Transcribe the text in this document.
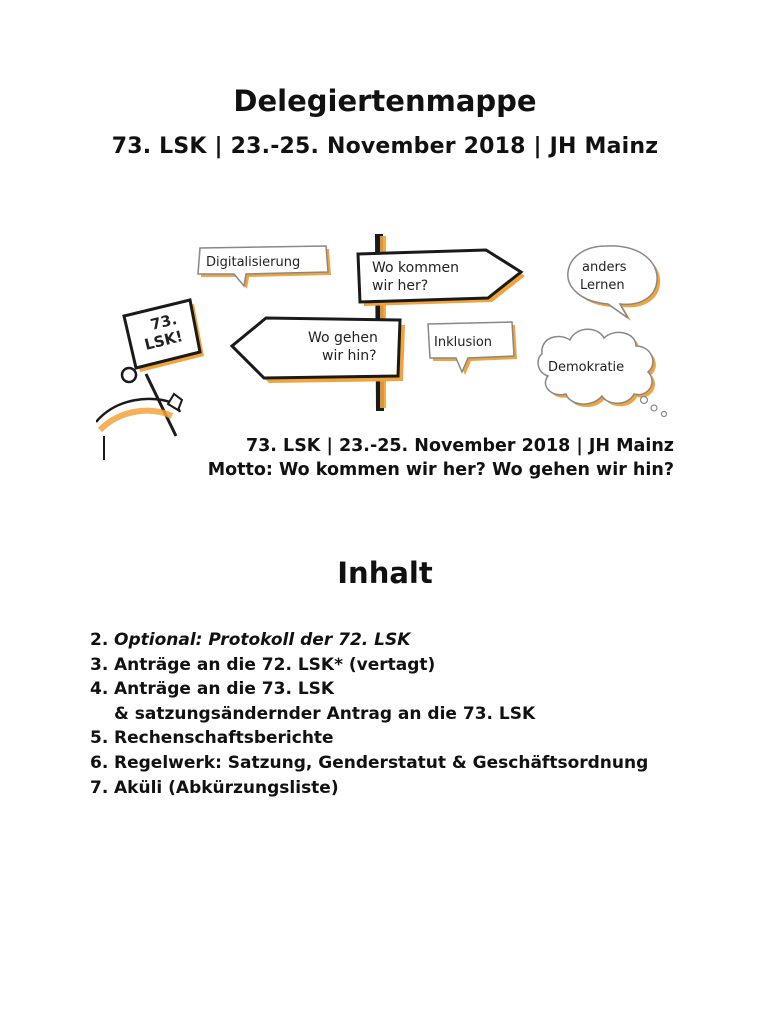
Delegiertenmappe
73. LSK | 23.-25. November 2018 | JH Mainz
Wo kommen
wir her?
Wo gehen
wir hin?
Digitalisierung	anders
Lernen
Inklusion
Demokratie
73.
LSK!
73. LSK | 23.-25. November 2018 | JH Mainz
Motto: Wo kommen wir her? Wo gehen wir hin?
Inhalt
2. Optional: Protokoll der 72. LSK
3. Anträge an die 72. LSK* (vertagt)
4. Anträge an die 73. LSK
& satzungsändernder Antrag an die 73. LSK
5. Rechenschaftsberichte
6. Regelwerk: Satzung, Genderstatut & Geschäftsordnung
7. Aküli (Abkürzungsliste)
